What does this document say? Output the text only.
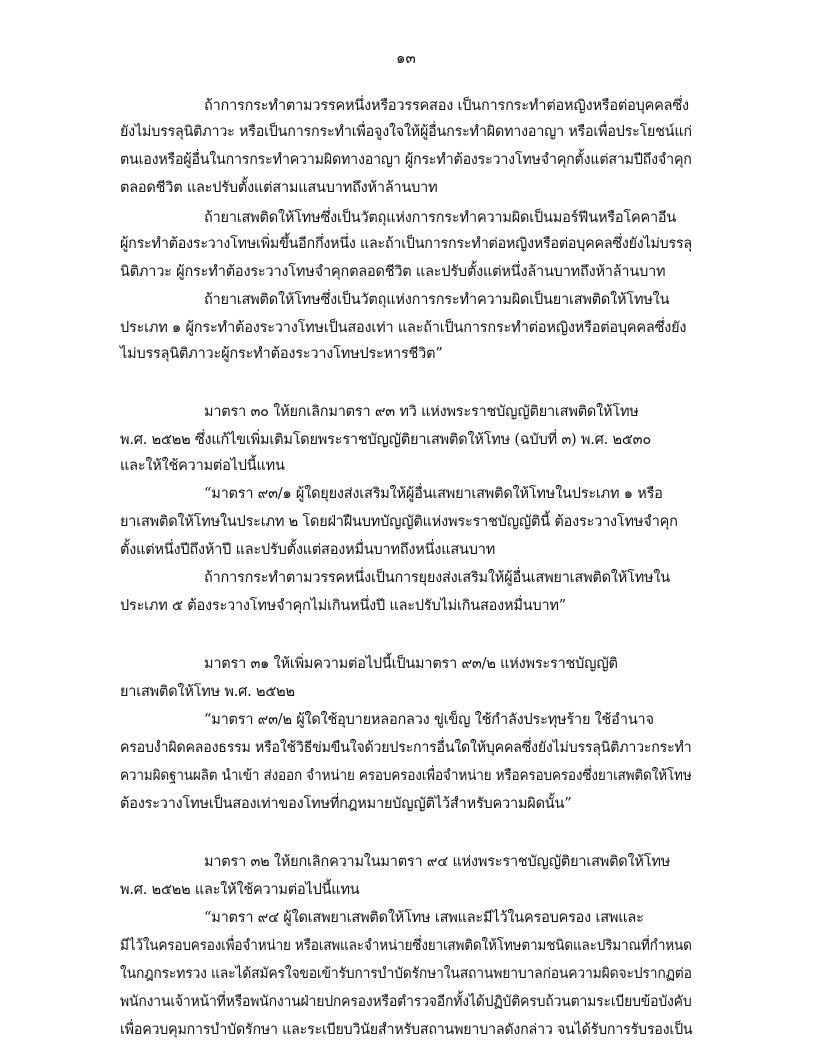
๑๓
ถ้าการกระทำตามวรรคหนึ่งหรือวรรคสอง เป็นการกระทำต่อหญิงหรือต่อบุคคลซึ่ง
ยังไม่บรรลุนิติภาวะ หรือเป็นการกระทำเพื่อจูงใจให้ผู้อื่นกระทำผิดทางอาญา หรือเพื่อประโยชน์แก่
ตนเองหรือผู้อื่นในการกระทำความผิดทางอาญา ผู้กระทำต้องระวางโทษจำคุกตั้งแต่สามปีถึงจำคุก
ตลอดชีวิต และปรับตั้งแต่สามแสนบาทถึงห้าล้านบาท
ถ้ายาเสพติดให้โทษซึ่งเป็นวัตถุแห่งการกระทำความผิดเป็นมอร์ฟีนหรือโคคาอีน
ผู้กระทำต้องระวางโทษเพิ่มขึ้นอีกกึ่งหนึ่ง และถ้าเป็นการกระทำต่อหญิงหรือต่อบุคคลซึ่งยังไม่บรรลุ
นิติภาวะ ผู้กระทำต้องระวางโทษจำคุกตลอดชีวิต และปรับตั้งแต่หนึ่งล้านบาทถึงห้าล้านบาท
ถ้ายาเสพติดให้โทษซึ่งเป็นวัตถุแห่งการกระทำความผิดเป็นยาเสพติดให้โทษใน
ประเภท ๑ ผู้กระทำต้องระวางโทษเป็นสองเท่า และถ้าเป็นการกระทำต่อหญิงหรือต่อบุคคลซึ่งยัง
ไม่บรรลุนิติภาวะผู้กระทำต้องระวางโทษประหารชีวิต”
มาตรา ๓๐ ให้ยกเลิกมาตรา ๙๓ ทวิ แห่งพระราชบัญญัติยาเสพติดให้โทษ
พ.ศ. ๒๕๒๒ ซึ่งแก้ไขเพิ่มเติมโดยพระราชบัญญัติยาเสพติดให้โทษ (ฉบับที่ ๓) พ.ศ. ๒๕๓๐
และให้ใช้ความต่อไปนี้แทน
“มาตรา ๙๓/๑ ผู้ใดยุยงส่งเสริมให้ผู้อื่นเสพยาเสพติดให้โทษในประเภท ๑ หรือ
ยาเสพติดให้โทษในประเภท ๒ โดยฝ่าฝืนบทบัญญัติแห่งพระราชบัญญัตินี้ ต้องระวางโทษจำคุก
ตั้งแต่หนึ่งปีถึงห้าปี และปรับตั้งแต่สองหมื่นบาทถึงหนึ่งแสนบาท
ถ้าการกระทำตามวรรคหนึ่งเป็นการยุยงส่งเสริมให้ผู้อื่นเสพยาเสพติดให้โทษใน
ประเภท ๕ ต้องระวางโทษจำคุกไม่เกินหนึ่งปี และปรับไม่เกินสองหมื่นบาท”
มาตรา ๓๑ ให้เพิ่มความต่อไปนี้เป็นมาตรา ๙๓/๒ แห่งพระราชบัญญัติ
ยาเสพติดให้โทษ พ.ศ. ๒๕๒๒
“มาตรา ๙๓/๒ ผู้ใดใช้อุบายหลอกลวง ขู่เข็ญ ใช้กำลังประทุษร้าย ใช้อำนาจ
ครอบงำผิดคลองธรรม หรือใช้วิธีข่มขืนใจด้วยประการอื่นใดให้บุคคลซึ่งยังไม่บรรลุนิติภาวะกระทำ
ความผิดฐานผลิต นำเข้า ส่งออก จำหน่าย ครอบครองเพื่อจำหน่าย หรือครอบครองซึ่งยาเสพติดให้โทษ
ต้องระวางโทษเป็นสองเท่าของโทษที่กฎหมายบัญญัติไว้สำหรับความผิดนั้น”
มาตรา ๓๒ ให้ยกเลิกความในมาตรา ๙๔ แห่งพระราชบัญญัติยาเสพติดให้โทษ
พ.ศ. ๒๕๒๒ และให้ใช้ความต่อไปนี้แทน
“มาตรา ๙๔ ผู้ใดเสพยาเสพติดให้โทษ เสพและมีไว้ในครอบครอง เสพและ
มีไว้ในครอบครองเพื่อจำหน่าย หรือเสพและจำหน่ายซึ่งยาเสพติดให้โทษตามชนิดและปริมาณที่กำหนด
ในกฎกระทรวง และได้สมัครใจขอเข้ารับการบำบัดรักษาในสถานพยาบาลก่อนความผิดจะปรากฏต่อ
พนักงานเจ้าหน้าที่หรือพนักงานฝ่ายปกครองหรือตำรวจอีกทั้งได้ปฏิบัติครบถ้วนตามระเบียบข้อบังคับ
เพื่อควบคุมการบำบัดรักษา และระเบียบวินัยสำหรับสถานพยาบาลดังกล่าว จนได้รับการรับรองเป็น
